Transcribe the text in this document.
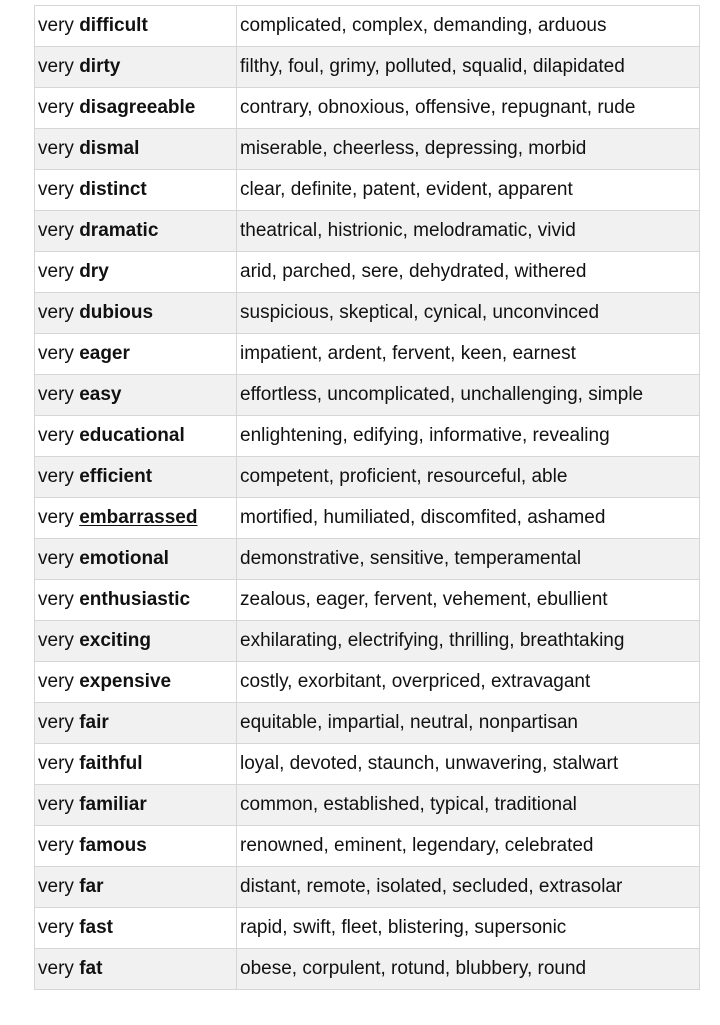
very difficult	complicated, complex, demanding, arduous
very dirty	filthy, foul, grimy, polluted, squalid, dilapidated
very disagreeable	contrary, obnoxious, offensive, repugnant, rude
very dismal	miserable, cheerless, depressing, morbid
very distinct	clear, definite, patent, evident, apparent
very dramatic	theatrical, histrionic, melodramatic, vivid
very dry	arid, parched, sere, dehydrated, withered
very dubious	suspicious, skeptical, cynical, unconvinced
very eager	impatient, ardent, fervent, keen, earnest
very easy	effortless, uncomplicated, unchallenging, simple
very educational	enlightening, edifying, informative, revealing
very efficient	competent, proficient, resourceful, able
very embarrassed	mortified, humiliated, discomfited, ashamed
very emotional	demonstrative, sensitive, temperamental
very enthusiastic	zealous, eager, fervent, vehement, ebullient
very exciting	exhilarating, electrifying, thrilling, breathtaking
very expensive	costly, exorbitant, overpriced, extravagant
very fair	equitable, impartial, neutral, nonpartisan
very faithful	loyal, devoted, staunch, unwavering, stalwart
very familiar	common, established, typical, traditional
very famous	renowned, eminent, legendary, celebrated
very far	distant, remote, isolated, secluded, extrasolar
very fast	rapid, swift, fleet, blistering, supersonic
very fat	obese, corpulent, rotund, blubbery, round
